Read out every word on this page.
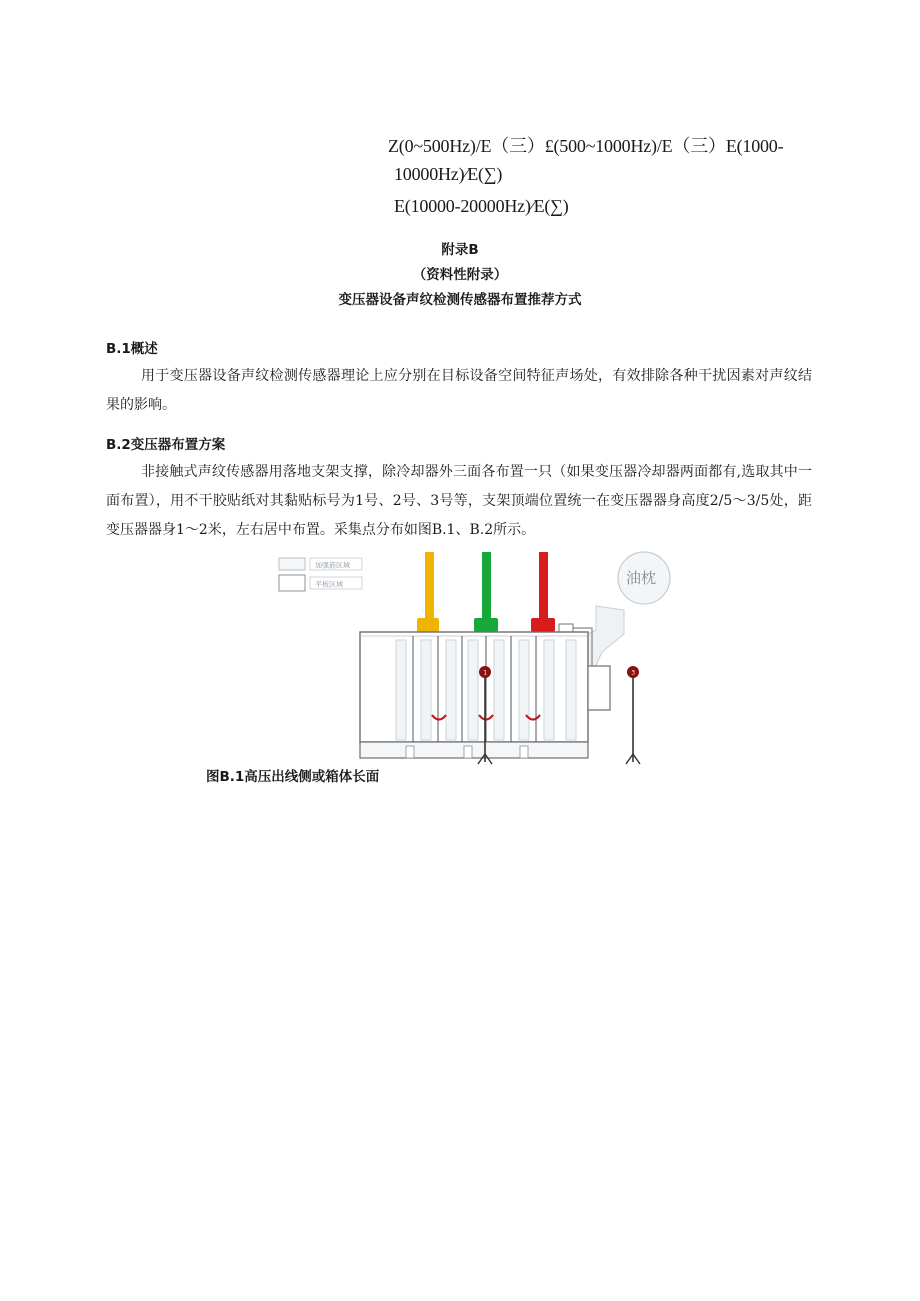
Z(0~500Hz)/E（三）£(500~1000Hz)/E（三）E(1000-
10000Hz)⁄E(∑)
E(10000-20000Hz)⁄E(∑)
附录B
（资料性附录）
变压器设备声纹检测传感器布置推荐方式
B.1概述
用于变压器设备声纹检测传感器理论上应分别在目标设备空间特征声场处，有效排除各种干扰因素对声纹结果的影响。
B.2变压器布置方案
非接触式声纹传感器用落地支架支撑，除冷却器外三面各布置一只（如果变压器冷却器两面都有,选取其中一面布置），用不干胶贴纸对其黏贴标号为1号、2号、3号等，支架顶端位置统一在变压器器身高度2/5～3/5处，距变压器器身1～2米，左右居中布置。采集点分布如图B.1、B.2所示。
加强筋区域
平板区域	油枕
1	3
图B.1高压出线侧或箱体长面
